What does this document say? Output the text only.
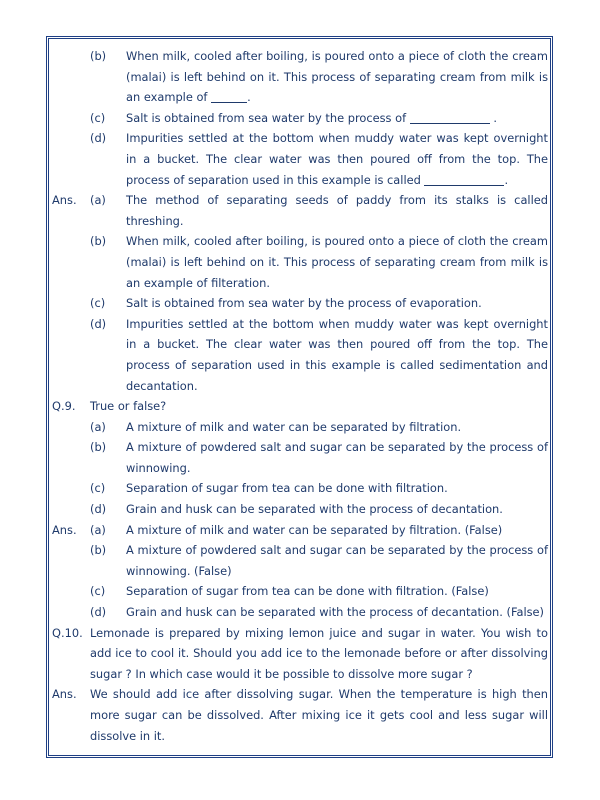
(b) When milk, cooled after boiling, is poured onto a piece of cloth the cream (malai) is left behind on it. This process of separating cream from milk is an example of	.
(c) Salt is obtained from sea water by the process of	.
(d) Impurities settled at the bottom when muddy water was kept overnight in a bucket. The clear water was then poured off from the top. The process of separation used in this example is called	.
Ans. (a) The method of separating seeds of paddy from its stalks is called threshing.
(b) When milk, cooled after boiling, is poured onto a piece of cloth the cream (malai) is left behind on it. This process of separating cream from milk is an example of filteration.
(c) Salt is obtained from sea water by the process of evaporation.
(d) Impurities settled at the bottom when muddy water was kept overnight in a bucket. The clear water was then poured off from the top. The process of separation used in this example is called sedimentation and decantation.
Q.9. True or false?
(a) A mixture of milk and water can be separated by filtration.
(b) A mixture of powdered salt and sugar can be separated by the process of winnowing.
(c) Separation of sugar from tea can be done with filtration.
(d) Grain and husk can be separated with the process of decantation.
Ans. (a) A mixture of milk and water can be separated by filtration. (False)
(b) A mixture of powdered salt and sugar can be separated by the process of winnowing. (False)
(c) Separation of sugar from tea can be done with filtration. (False)
(d) Grain and husk can be separated with the process of decantation. (False)
Q.10. Lemonade is prepared by mixing lemon juice and sugar in water. You wish to add ice to cool it. Should you add ice to the lemonade before or after dissolving sugar ? In which case would it be possible to dissolve more sugar ?
Ans. We should add ice after dissolving sugar. When the temperature is high then more sugar can be dissolved. After mixing ice it gets cool and less sugar will dissolve in it.
